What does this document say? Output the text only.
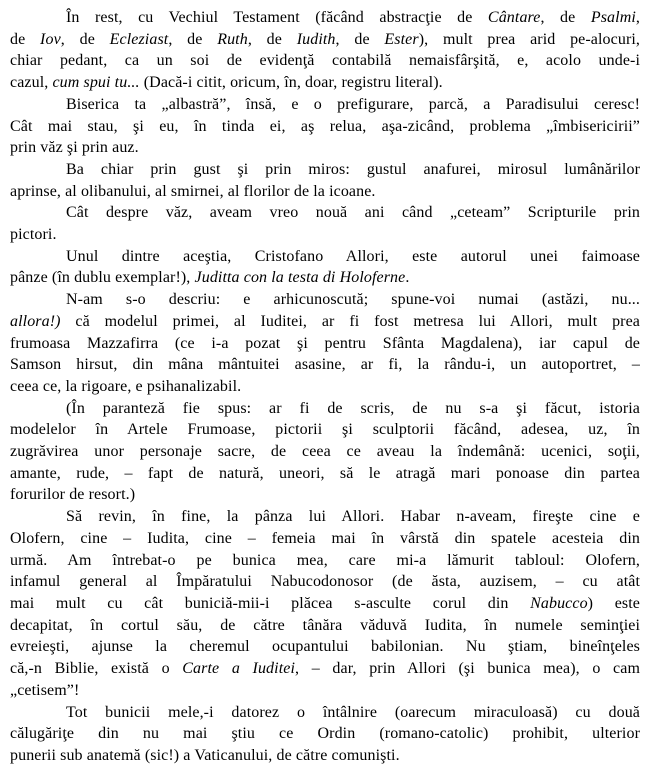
În rest, cu Vechiul Testament (făcând abstracţie de Cântare, de Psalmi,
de Iov, de Ecleziast, de Ruth, de Iudith, de Ester), mult prea arid pe-alocuri,
chiar pedant, ca un soi de evidenţă contabilă nemaisfârşită, e, acolo unde-i
cazul, cum spui tu... (Dacă-i citit, oricum, în, doar, registru literal).
Biserica ta „albastră”, însă, e o prefigurare, parcă, a Paradisului ceresc!
Cât mai stau, şi eu, în tinda ei, aş relua, aşa-zicând, problema „îmbisericirii”
prin văz şi prin auz.
Ba chiar prin gust şi prin miros: gustul anafurei, mirosul lumânărilor
aprinse, al olibanului, al smirnei, al florilor de la icoane.
Cât despre văz, aveam vreo nouă ani când „ceteam” Scripturile prin
pictori.
Unul dintre aceştia, Cristofano Allori, este autorul unei faimoase
pânze (în dublu exemplar!), Juditta con la testa di Holoferne.
N-am s-o descriu: e arhicunoscută; spune-voi numai (astăzi, nu...
allora!) că modelul primei, al Iuditei, ar fi fost metresa lui Allori, mult prea
frumoasa Mazzafirra (ce i-a pozat şi pentru Sfânta Magdalena), iar capul de
Samson hirsut, din mâna mântuitei asasine, ar fi, la rându-i, un autoportret, –
ceea ce, la rigoare, e psihanalizabil.
(În paranteză fie spus: ar fi de scris, de nu s-a şi făcut, istoria
modelelor în Artele Frumoase, pictorii şi sculptorii făcând, adesea, uz, în
zugrăvirea unor personaje sacre, de ceea ce aveau la îndemână: ucenici, soţii,
amante, rude, – fapt de natură, uneori, să le atragă mari ponoase din partea
forurilor de resort.)
Să revin, în fine, la pânza lui Allori. Habar n-aveam, fireşte cine e
Olofern, cine – Iudita, cine – femeia mai în vârstă din spatele acesteia din
urmă. Am întrebat-o pe bunica mea, care mi-a lămurit tabloul: Olofern,
infamul general al Împăratului Nabucodonosor (de ăsta, auzisem, – cu atât
mai mult cu cât buniciă-mii-i plăcea s-asculte corul din Nabucco) este
decapitat, în cortul său, de către tânăra văduvă Iudita, în numele seminţiei
evreieşti, ajunse la cheremul ocupantului babilonian. Nu ştiam, bineînţeles
că,-n Biblie, există o Carte a Iuditei, – dar, prin Allori (şi bunica mea), o cam
„cetisem”!
Tot bunicii mele,-i datorez o întâlnire (oarecum miraculoasă) cu două
călugăriţe din nu mai ştiu ce Ordin (romano-catolic) prohibit, ulterior
punerii sub anatemă (sic!) a Vaticanului, de către comunişti.
